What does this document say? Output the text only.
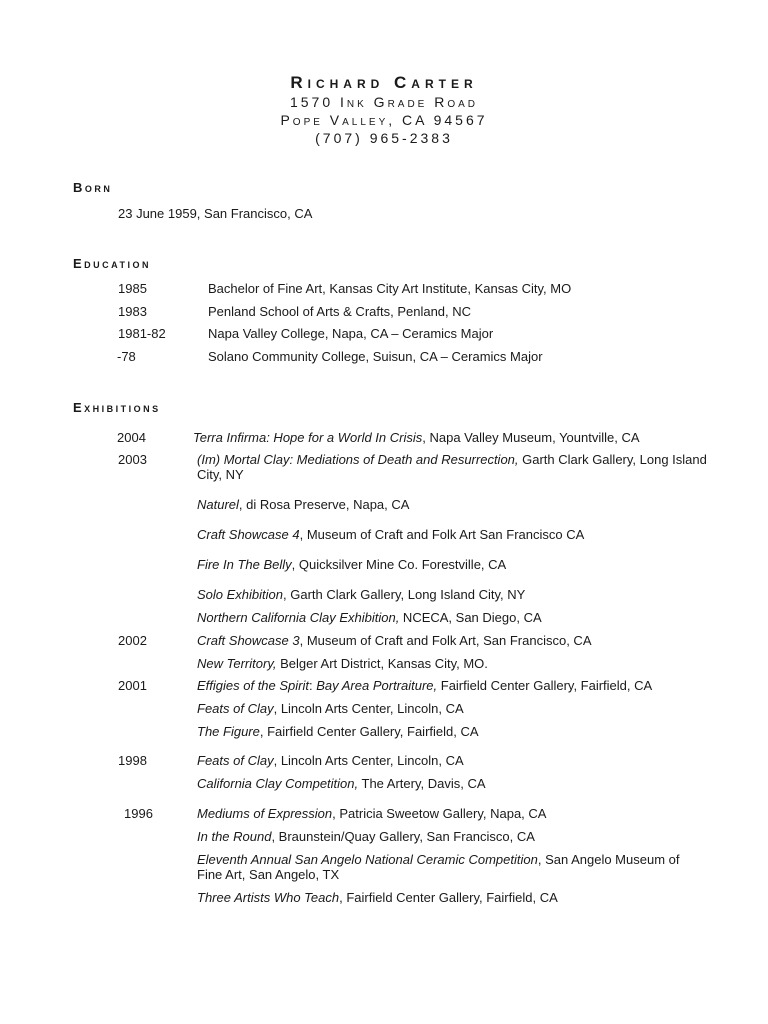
Richard Carter
1570 Ink Grade Road
Pope Valley, CA 94567
(707) 965-2383
Born
23 June 1959, San Francisco, CA
Education
1985	Bachelor of Fine Art, Kansas City Art Institute, Kansas City, MO
1983	Penland School of Arts & Crafts, Penland, NC
1981-82	Napa Valley College, Napa, CA – Ceramics Major
-78	Solano Community College, Suisun, CA – Ceramics Major
Exhibitions
2004	Terra Infirma: Hope for a World In Crisis, Napa Valley Museum, Yountville, CA
2003	(Im) Mortal Clay: Mediations of Death and Resurrection, Garth Clark Gallery, Long Island City, NY
Naturel, di Rosa Preserve, Napa, CA
Craft Showcase 4, Museum of Craft and Folk Art San Francisco CA
Fire In The Belly, Quicksilver Mine Co. Forestville, CA
Solo Exhibition, Garth Clark Gallery, Long Island City, NY
Northern California Clay Exhibition, NCECA, San Diego, CA
2002	Craft Showcase 3, Museum of Craft and Folk Art, San Francisco, CA
New Territory, Belger Art District, Kansas City, MO.
2001	Effigies of the Spirit: Bay Area Portraiture, Fairfield Center Gallery, Fairfield, CA
Feats of Clay, Lincoln Arts Center, Lincoln, CA
The Figure, Fairfield Center Gallery, Fairfield, CA
1998	Feats of Clay, Lincoln Arts Center, Lincoln, CA
California Clay Competition, The Artery, Davis, CA
1996	Mediums of Expression, Patricia Sweetow Gallery, Napa, CA
In the Round, Braunstein/Quay Gallery, San Francisco, CA
Eleventh Annual San Angelo National Ceramic Competition, San Angelo Museum of Fine Art, San Angelo, TX
Three Artists Who Teach, Fairfield Center Gallery, Fairfield, CA
